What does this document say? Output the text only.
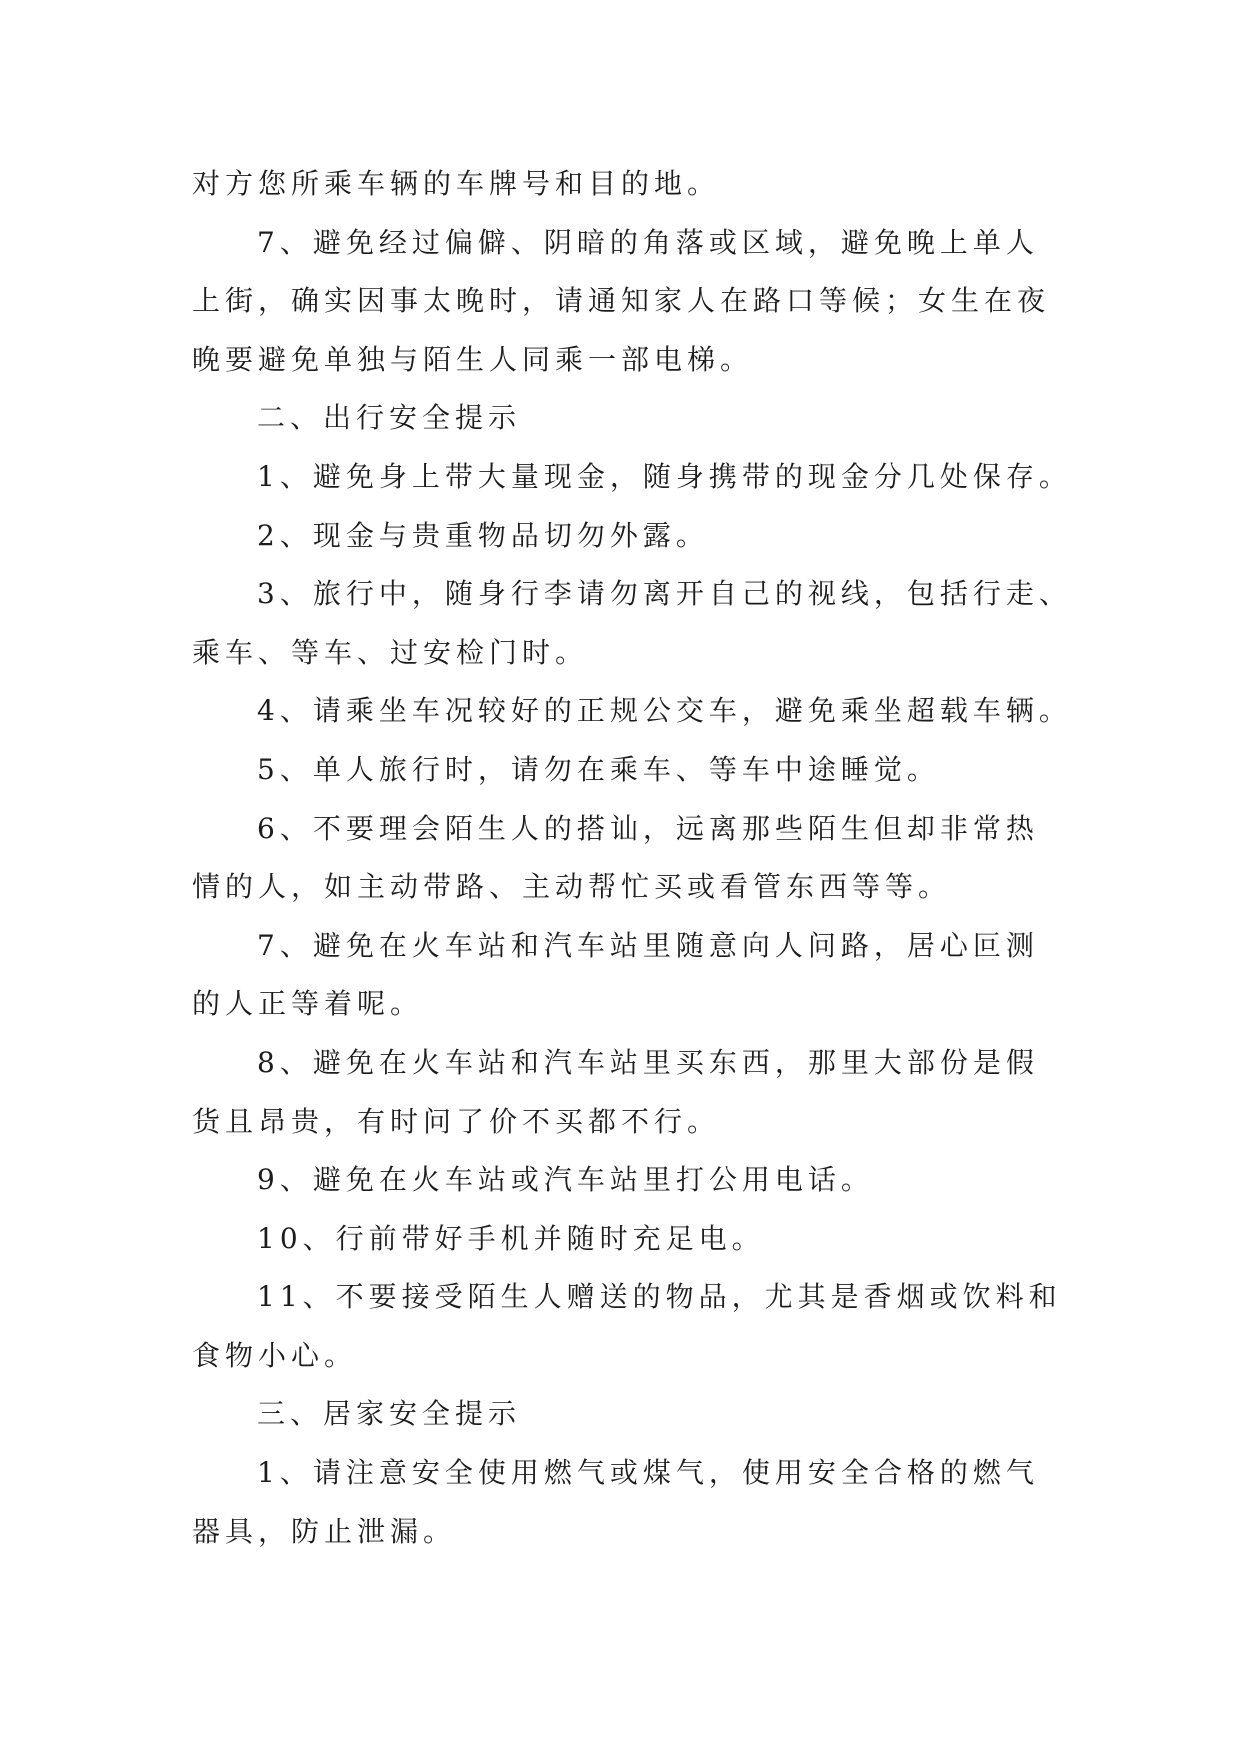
对方您所乘车辆的车牌号和目的地。
7、避免经过偏僻、阴暗的角落或区域，避免晚上单人
上街，确实因事太晚时，请通知家人在路口等候；女生在夜
晚要避免单独与陌生人同乘一部电梯。
二、出行安全提示
1、避免身上带大量现金，随身携带的现金分几处保存。
2、现金与贵重物品切勿外露。
3、旅行中，随身行李请勿离开自己的视线，包括行走、
乘车、等车、过安检门时。
4、请乘坐车况较好的正规公交车，避免乘坐超载车辆。
5、单人旅行时，请勿在乘车、等车中途睡觉。
6、不要理会陌生人的搭讪，远离那些陌生但却非常热
情的人，如主动带路、主动帮忙买或看管东西等等。
7、避免在火车站和汽车站里随意向人问路，居心叵测
的人正等着呢。
8、避免在火车站和汽车站里买东西，那里大部份是假
货且昂贵，有时问了价不买都不行。
9、避免在火车站或汽车站里打公用电话。
10、行前带好手机并随时充足电。
11、不要接受陌生人赠送的物品，尤其是香烟或饮料和
食物小心。
三、居家安全提示
1、请注意安全使用燃气或煤气，使用安全合格的燃气
器具，防止泄漏。
